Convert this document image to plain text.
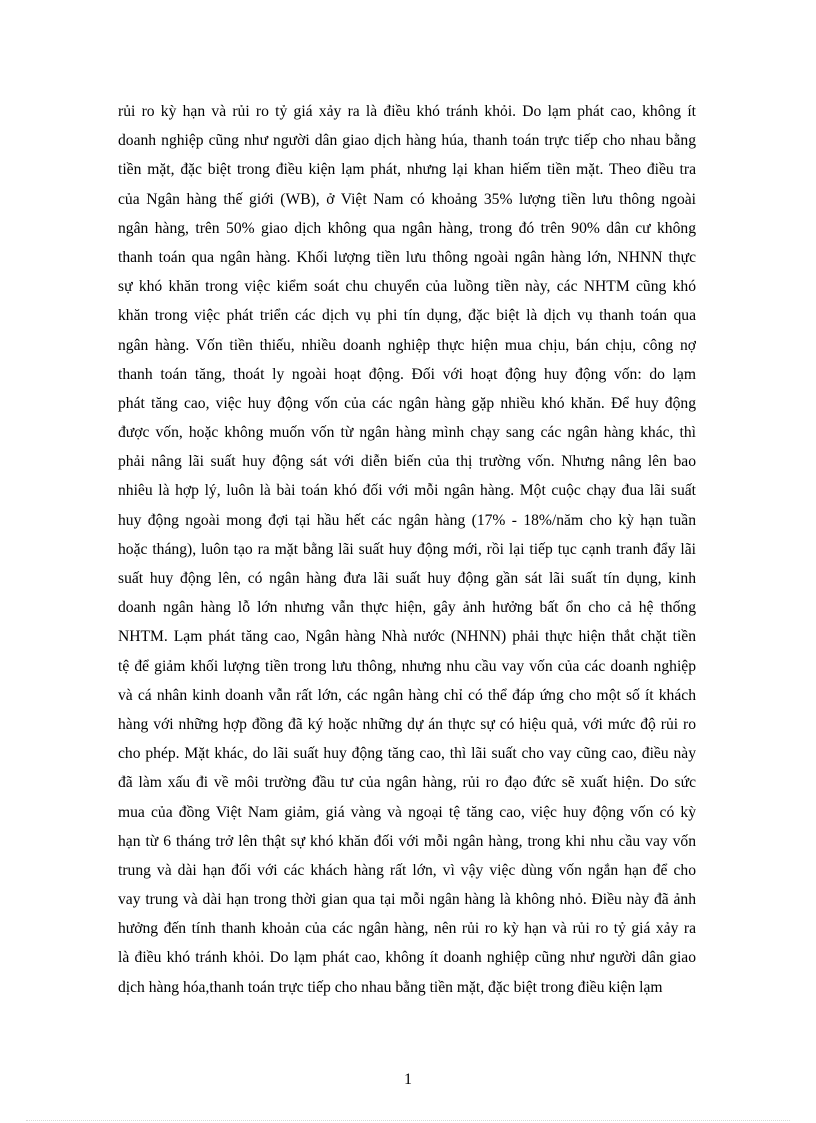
rủi ro kỳ hạn và rủi ro tỷ giá xảy ra là điều khó tránh khỏi. Do lạm phát cao, không ít
doanh nghiệp cũng như người dân giao dịch hàng húa, thanh toán trực tiếp cho nhau bằng
tiền mặt, đặc biệt trong điều kiện lạm phát, nhưng lại khan hiếm tiền mặt. Theo điều tra
của Ngân hàng thế giới (WB), ở Việt Nam có khoảng 35% lượng tiền lưu thông ngoài
ngân hàng, trên 50% giao dịch không qua ngân hàng, trong đó trên 90% dân cư không
thanh toán qua ngân hàng. Khối lượng tiền lưu thông ngoài ngân hàng lớn, NHNN thực
sự khó khăn trong việc kiểm soát chu chuyển của luồng tiền này, các NHTM cũng khó
khăn trong việc phát triển các dịch vụ phi tín dụng, đặc biệt là dịch vụ thanh toán qua
ngân hàng. Vốn tiền thiếu, nhiều doanh nghiệp thực hiện mua chịu, bán chịu, công nợ
thanh toán tăng, thoát ly ngoài hoạt động. Đối với hoạt động huy động vốn: do lạm
phát tăng cao, việc huy động vốn của các ngân hàng gặp nhiều khó khăn. Để huy động
được vốn, hoặc không muốn vốn từ ngân hàng mình chạy sang các ngân hàng khác, thì
phải nâng lãi suất huy động sát với diễn biến của thị trường vốn. Nhưng nâng lên bao
nhiêu là hợp lý, luôn là bài toán khó đối với mỗi ngân hàng. Một cuộc chạy đua lãi suất
huy động ngoài mong đợi tại hầu hết các ngân hàng (17% - 18%/năm cho kỳ hạn tuần
hoặc tháng), luôn tạo ra mặt bằng lãi suất huy động mới, rồi lại tiếp tục cạnh tranh đẩy lãi
suất huy động lên, có ngân hàng đưa lãi suất huy động gần sát lãi suất tín dụng, kinh
doanh ngân hàng lỗ lớn nhưng vẫn thực hiện, gây ảnh hưởng bất ổn cho cả hệ thống
NHTM. Lạm phát tăng cao, Ngân hàng Nhà nước (NHNN) phải thực hiện thắt chặt tiền
tệ để giảm khối lượng tiền trong lưu thông, nhưng nhu cầu vay vốn của các doanh nghiệp
và cá nhân kinh doanh vẫn rất lớn, các ngân hàng chỉ có thể đáp ứng cho một số ít khách
hàng với những hợp đồng đã ký hoặc những dự án thực sự có hiệu quả, với mức độ rủi ro
cho phép. Mặt khác, do lãi suất huy động tăng cao, thì lãi suất cho vay cũng cao, điều này
đã làm xấu đi về môi trường đầu tư của ngân hàng, rủi ro đạo đức sẽ xuất hiện. Do sức
mua của đồng Việt Nam giảm, giá vàng và ngoại tệ tăng cao, việc huy động vốn có kỳ
hạn từ 6 tháng trở lên thật sự khó khăn đối với mỗi ngân hàng, trong khi nhu cầu vay vốn
trung và dài hạn đối với các khách hàng rất lớn, vì vậy việc dùng vốn ngắn hạn để cho
vay trung và dài hạn trong thời gian qua tại mỗi ngân hàng là không nhỏ. Điều này đã ảnh
hưởng đến tính thanh khoản của các ngân hàng, nên rủi ro kỳ hạn và rủi ro tỷ giá xảy ra
là điều khó tránh khỏi. Do lạm phát cao, không ít doanh nghiệp cũng như người dân giao
dịch hàng hóa,thanh toán trực tiếp cho nhau bằng tiền mặt, đặc biệt trong điều kiện lạm
1
